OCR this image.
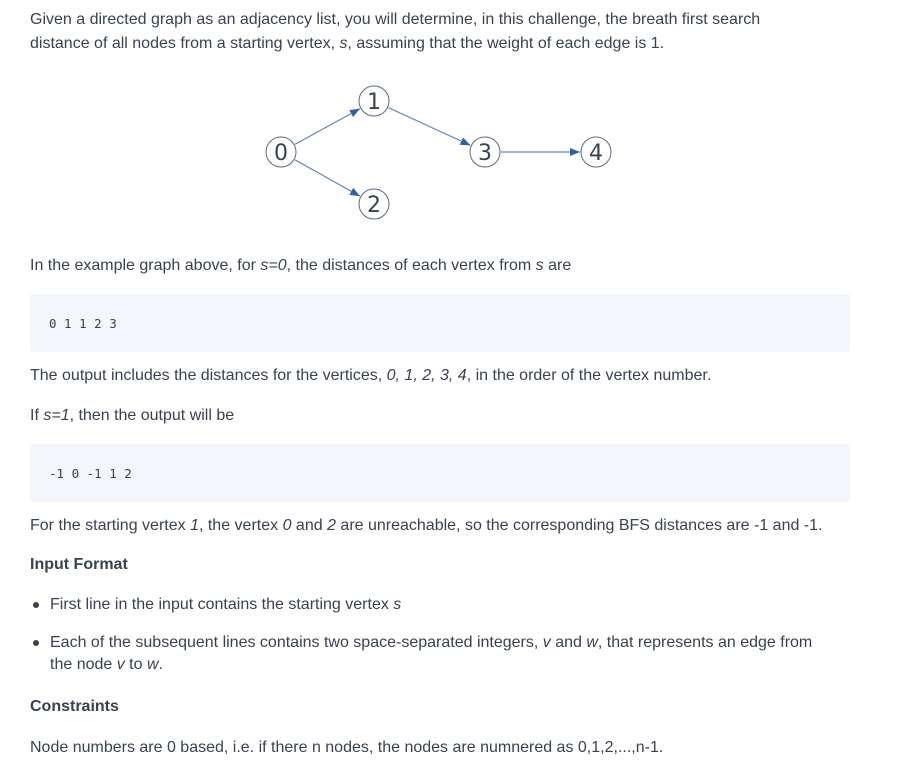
Given a directed graph as an adjacency list, you will determine, in this challenge, the breath first search
distance of all nodes from a starting vertex, s, assuming that the weight of each edge is 1.
0
1
2
3	4
In the example graph above, for s=0, the distances of each vertex from s are
0 1 1 2 3
The output includes the distances for the vertices, 0, 1, 2, 3, 4, in the order of the vertex number.
If s=1, then the output will be
-1 0 -1 1 2
For the starting vertex 1, the vertex 0 and 2 are unreachable, so the corresponding BFS distances are -1 and -1.
Input Format
First line in the input contains the starting vertex s
Each of the subsequent lines contains two space-separated integers, v and w, that represents an edge from
the node v to w.
Constraints
Node numbers are 0 based, i.e. if there n nodes, the nodes are numnered as 0,1,2,...,n-1.
